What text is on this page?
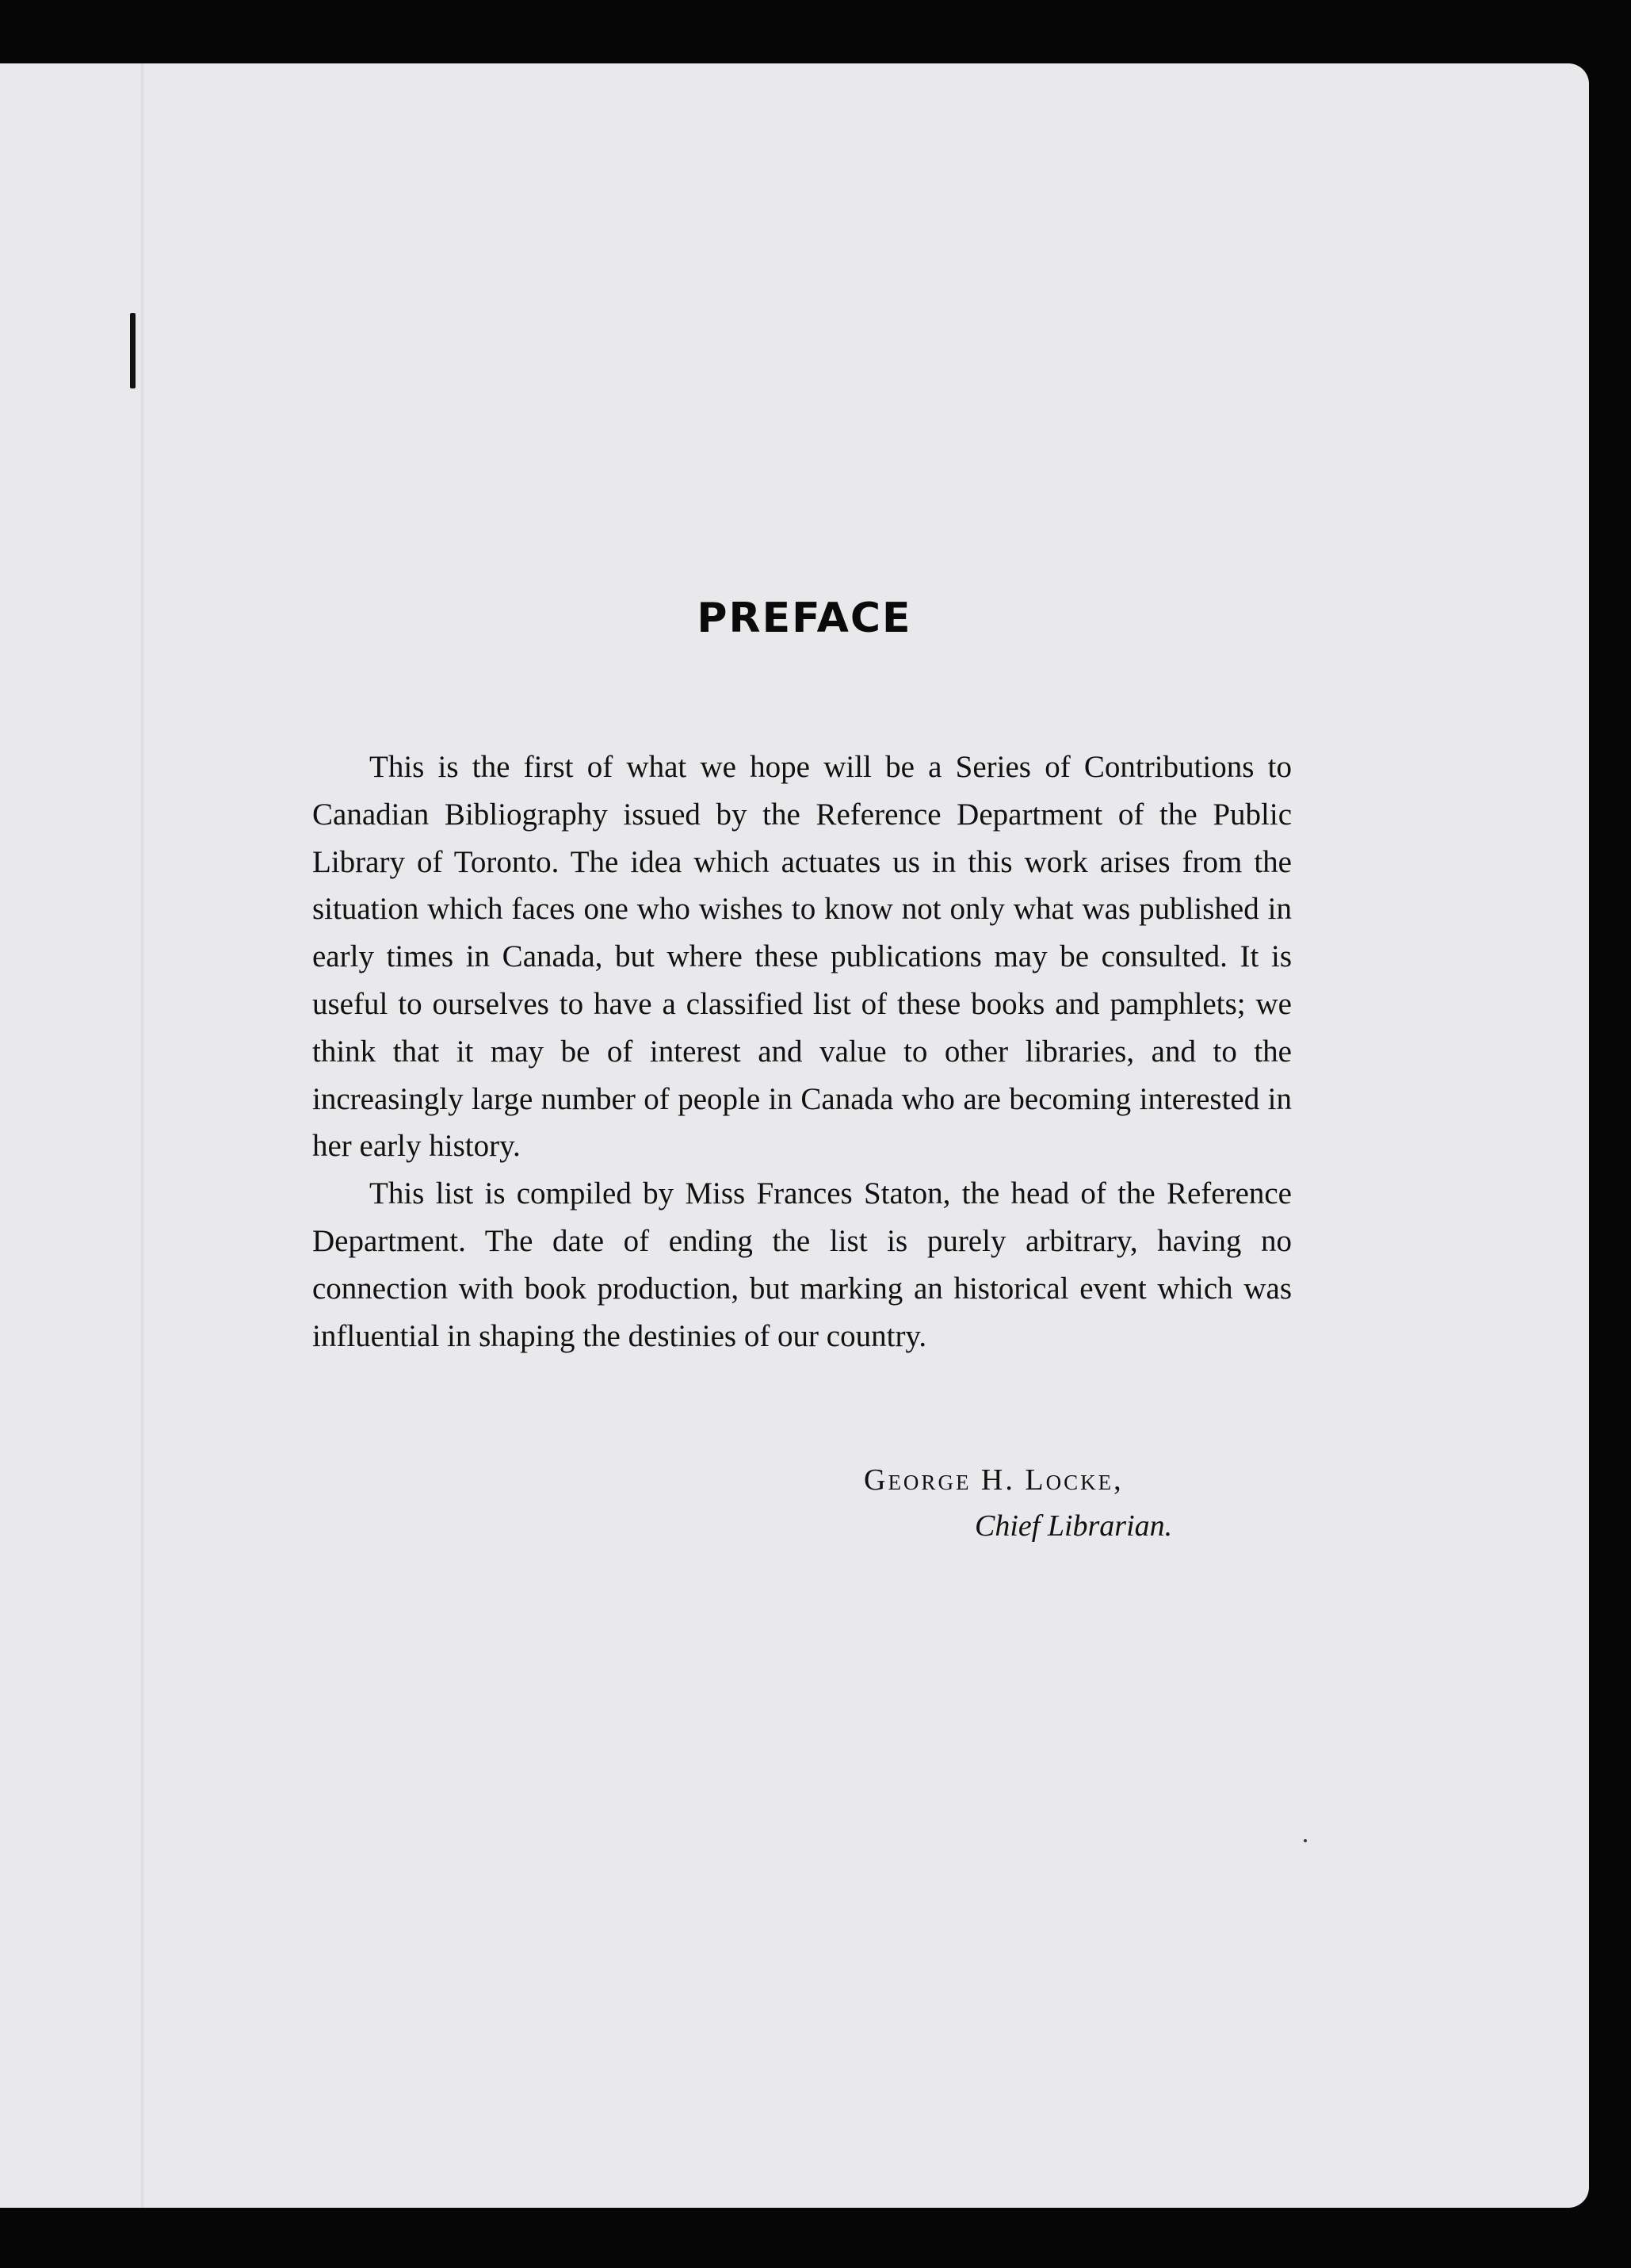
PREFACE

This is the first of what we hope will be a Series of Contributions to Canadian Bibliography issued by the Reference Department of the Public Library of Toronto. The idea which actuates us in this work arises from the situation which faces one who wishes to know not only what was published in early times in Canada, but where these publications may be consulted. It is useful to ourselves to have a classified list of these books and pamphlets; we think that it may be of interest and value to other libraries, and to the increasingly large number of people in Canada who are becoming interested in her early history.

This list is compiled by Miss Frances Staton, the head of the Reference Department. The date of ending the list is purely arbitrary, having no connection with book production, but marking an historical event which was influential in shaping the destinies of our country.

George H. Locke,
Chief Librarian.
